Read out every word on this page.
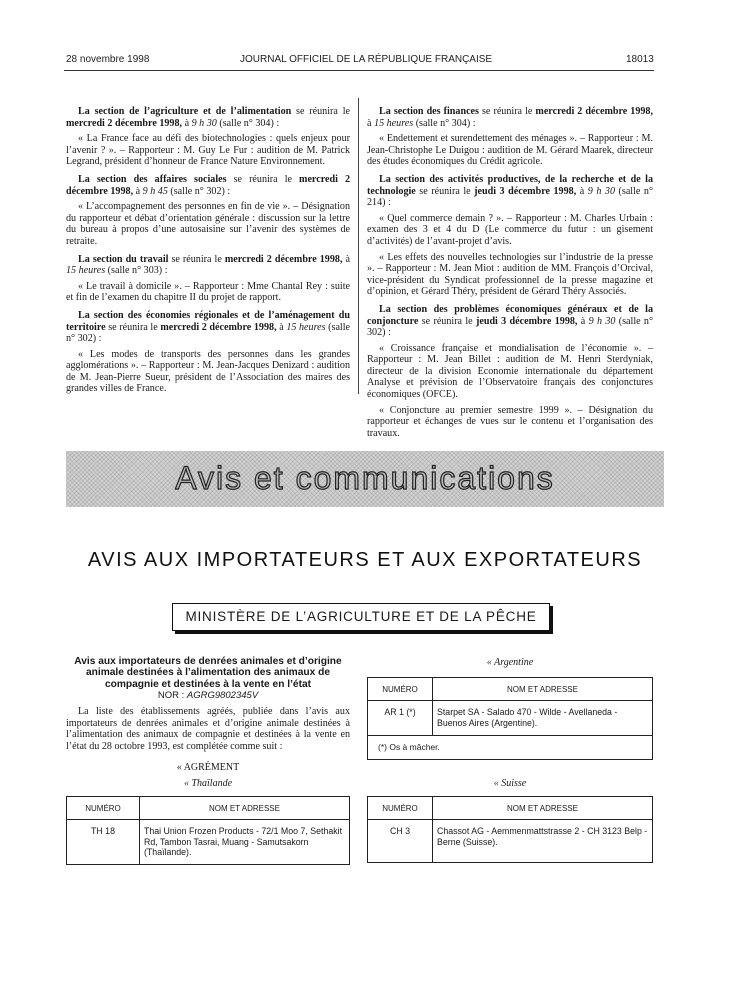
28 novembre 1998	JOURNAL OFFICIEL DE LA RÉPUBLIQUE FRANÇAISE	18013

La section de l’agriculture et de l’alimentation se réunira le mercredi 2 décembre 1998, à 9 h 30 (salle n° 304) :

« La France face au défi des biotechnologies : quels enjeux pour l’avenir ? ». – Rapporteur : M. Guy Le Fur : audition de M. Patrick Legrand, président d’honneur de France Nature Environnement.

La section des affaires sociales se réunira le mercredi 2 décembre 1998, à 9 h 45 (salle n° 302) :

« L’accompagnement des personnes en fin de vie ». – Désignation du rapporteur et débat d’orientation générale : discussion sur la lettre du bureau à propos d’une autosaisine sur l’avenir des systèmes de retraite.

La section du travail se réunira le mercredi 2 décembre 1998, à 15 heures (salle n° 303) :

« Le travail à domicile ». – Rapporteur : Mme Chantal Rey : suite et fin de l’examen du chapitre II du projet de rapport.

La section des économies régionales et de l’aménagement du territoire se réunira le mercredi 2 décembre 1998, à 15 heures (salle n° 302) :

« Les modes de transports des personnes dans les grandes agglomérations ». – Rapporteur : M. Jean-Jacques Denizard : audition de M. Jean-Pierre Sueur, président de l’Association des maires des grandes villes de France.

La section des finances se réunira le mercredi 2 décembre 1998, à 15 heures (salle n° 304) :

« Endettement et surendettement des ménages ». – Rapporteur : M. Jean-Christophe Le Duigou : audition de M. Gérard Maarek, directeur des études économiques du Crédit agricole.

La section des activités productives, de la recherche et de la technologie se réunira le jeudi 3 décembre 1998, à 9 h 30 (salle n° 214) :

« Quel commerce demain ? ». – Rapporteur : M. Charles Urbain : examen des 3 et 4 du D (Le commerce du futur : un gisement d’activités) de l’avant-projet d’avis.

« Les effets des nouvelles technologies sur l’industrie de la presse ». – Rapporteur : M. Jean Miot : audition de MM. François d’Orcival, vice-président du Syndicat professionnel de la presse magazine et d’opinion, et Gérard Théry, président de Gérard Théry Associés.

La section des problèmes économiques généraux et de la conjoncture se réunira le jeudi 3 décembre 1998, à 9 h 30 (salle n° 302) :

« Croissance française et mondialisation de l’économie ». – Rapporteur : M. Jean Billet : audition de M. Henri Sterdyniak, directeur de la division Economie internationale du département Analyse et prévision de l’Observatoire français des conjonctures économiques (OFCE).

« Conjoncture au premier semestre 1999 ». – Désignation du rapporteur et échanges de vues sur le contenu et l’organisation des travaux.

Avis et communications
AVIS AUX IMPORTATEURS ET AUX EXPORTATEURS
MINISTÈRE DE L’AGRICULTURE ET DE LA PÊCHE
Avis aux importateurs de denrées animales et d’origine animale destinées à l’alimentation des animaux de compagnie et destinées à la vente en l’état
NOR : AGRG9802345V

La liste des établissements agréés, publiée dans l’avis aux importateurs de denrées animales et d’origine animale destinées à l’alimentation des animaux de compagnie et destinées à la vente en l’état du 28 octobre 1993, est complétée comme suit :

« AGRÉMENT
« Thaïlande
NUMÉRO	NOM ET ADRESSE
TH 18	Thai Union Frozen Products - 72/1 Moo 7, Sethakit Rd, Tambon Tasrai, Muang - Samutsakorn (Thaïlande).
« Argentine
NUMÉRO	NOM ET ADRESSE
AR 1 (*)	Starpet SA - Salado 470 - Wilde - Avellaneda - Buenos Aires (Argentine).
(*) Os à mâcher.	
« Suisse
NUMÉRO	NOM ET ADRESSE
CH 3	Chassot AG - Aemmenmattstrasse 2 - CH 3123 Belp - Berne (Suisse).
